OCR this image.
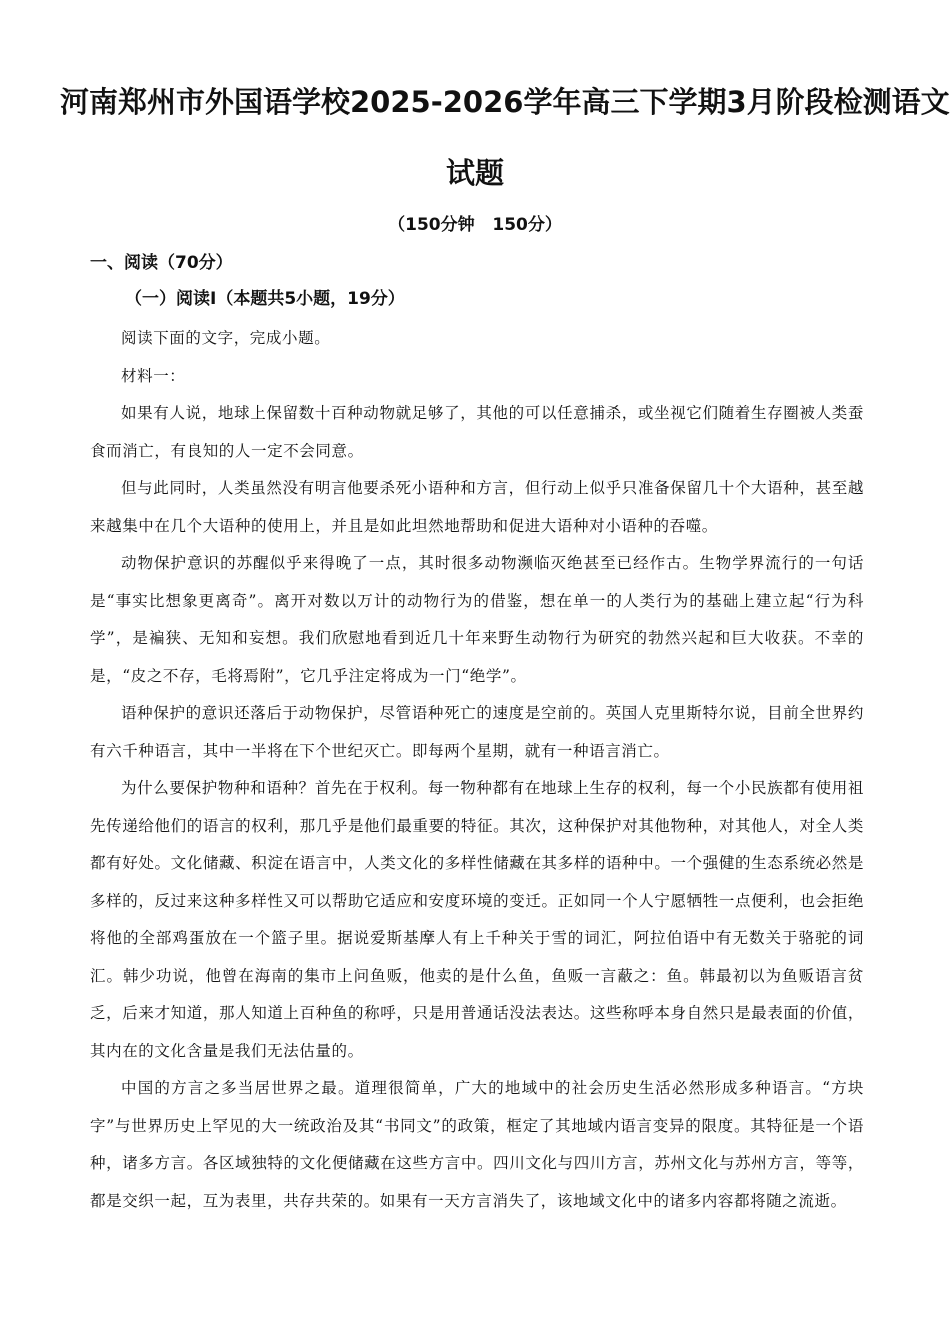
河南郑州市外国语学校2025-2026学年高三下学期3月阶段检测语文
试题
（150分钟   150分）
一、阅读（70分）
（一）阅读Ⅰ（本题共5小题，19分）

阅读下面的文字，完成小题。

材料一：

如果有人说，地球上保留数十百种动物就足够了，其他的可以任意捕杀，或坐视它们随着生存圈被人类蚕食而消亡，有良知的人一定不会同意。

但与此同时，人类虽然没有明言他要杀死小语种和方言，但行动上似乎只准备保留几十个大语种，甚至越来越集中在几个大语种的使用上，并且是如此坦然地帮助和促进大语种对小语种的吞噬。

动物保护意识的苏醒似乎来得晚了一点，其时很多动物濒临灭绝甚至已经作古。生物学界流行的一句话是“事实比想象更离奇”。离开对数以万计的动物行为的借鉴，想在单一的人类行为的基础上建立起“行为科学”，是褊狭、无知和妄想。我们欣慰地看到近几十年来野生动物行为研究的勃然兴起和巨大收获。不幸的是，“皮之不存，毛将焉附”，它几乎注定将成为一门“绝学”。

语种保护的意识还落后于动物保护，尽管语种死亡的速度是空前的。英国人克里斯特尔说，目前全世界约有六千种语言，其中一半将在下个世纪灭亡。即每两个星期，就有一种语言消亡。

为什么要保护物种和语种？首先在于权利。每一物种都有在地球上生存的权利，每一个小民族都有使用祖先传递给他们的语言的权利，那几乎是他们最重要的特征。其次，这种保护对其他物种，对其他人，对全人类都有好处。文化储藏、积淀在语言中，人类文化的多样性储藏在其多样的语种中。一个强健的生态系统必然是多样的，反过来这种多样性又可以帮助它适应和安度环境的变迁。正如同一个人宁愿牺牲一点便利，也会拒绝将他的全部鸡蛋放在一个篮子里。据说爱斯基摩人有上千种关于雪的词汇，阿拉伯语中有无数关于骆驼的词汇。韩少功说，他曾在海南的集市上问鱼贩，他卖的是什么鱼，鱼贩一言蔽之：鱼。韩最初以为鱼贩语言贫乏，后来才知道，那人知道上百种鱼的称呼，只是用普通话没法表达。这些称呼本身自然只是最表面的价值，其内在的文化含量是我们无法估量的。

中国的方言之多当居世界之最。道理很简单，广大的地域中的社会历史生活必然形成多种语言。“方块字”与世界历史上罕见的大一统政治及其“书同文”的政策，框定了其地域内语言变异的限度。其特征是一个语种，诸多方言。各区域独特的文化便储藏在这些方言中。四川文化与四川方言，苏州文化与苏州方言，等等，都是交织一起，互为表里，共存共荣的。如果有一天方言消失了，该地域文化中的诸多内容都将随之流逝。
